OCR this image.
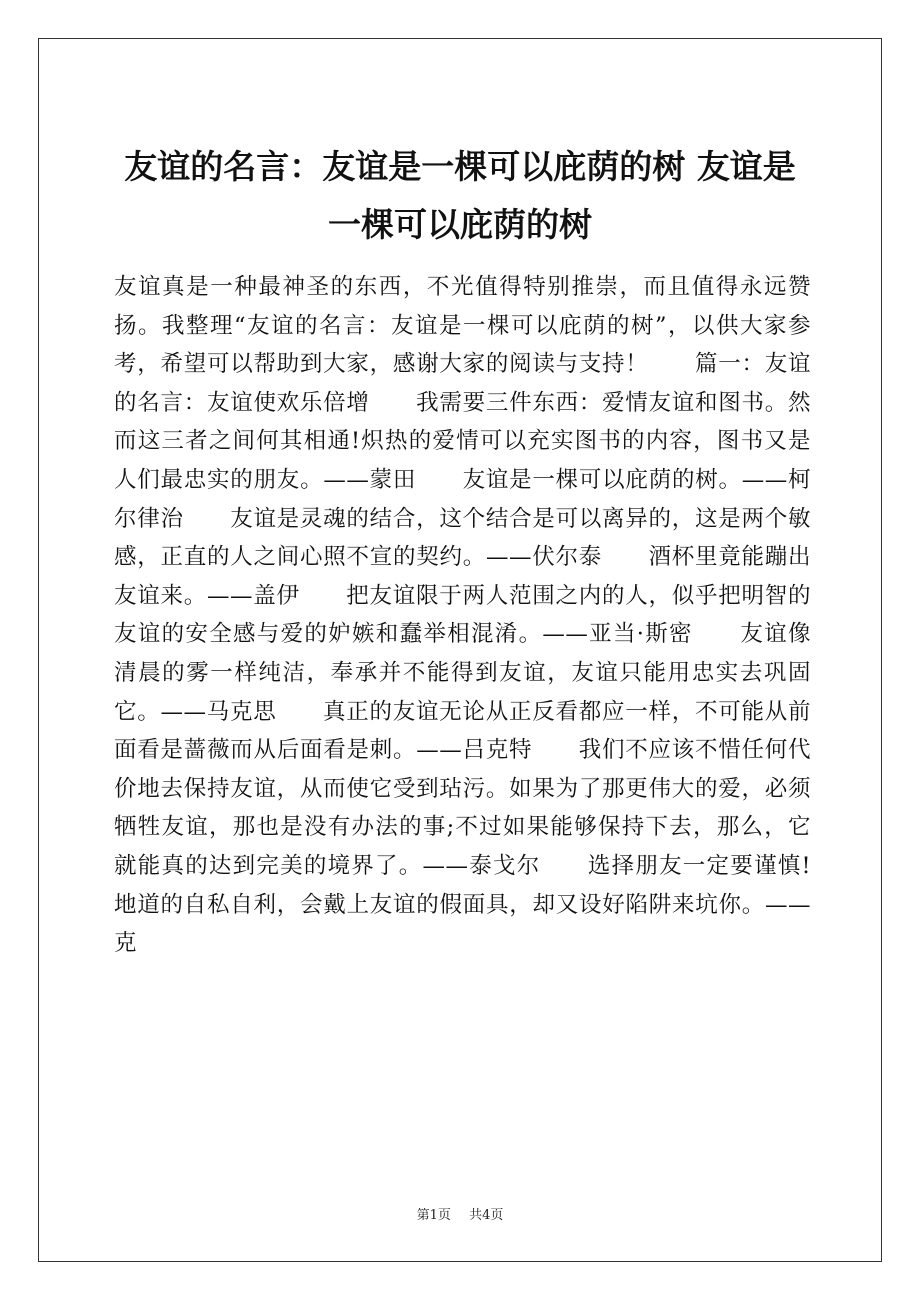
友谊的名言：友谊是一棵可以庇荫的树 友谊是一棵可以庇荫的树

友谊真是一种最神圣的东西，不光值得特别推崇，而且值得永远赞扬。我整理“友谊的名言：友谊是一棵可以庇荫的树”，以供大家参考，希望可以帮助到大家，感谢大家的阅读与支持！　　篇一：友谊的名言：友谊使欢乐倍增　　我需要三件东西：爱情友谊和图书。然而这三者之间何其相通!炽热的爱情可以充实图书的内容，图书又是人们最忠实的朋友。——蒙田　　友谊是一棵可以庇荫的树。——柯尔律治　　友谊是灵魂的结合，这个结合是可以离异的，这是两个敏感，正直的人之间心照不宣的契约。——伏尔泰　　酒杯里竟能蹦出友谊来。——盖伊　　把友谊限于两人范围之内的人，似乎把明智的友谊的安全感与爱的妒嫉和蠢举相混淆。——亚当·斯密　　友谊像清晨的雾一样纯洁，奉承并不能得到友谊，友谊只能用忠实去巩固它。——马克思　　真正的友谊无论从正反看都应一样，不可能从前面看是蔷薇而从后面看是刺。——吕克特　　我们不应该不惜任何代价地去保持友谊，从而使它受到玷污。如果为了那更伟大的爱，必须牺牲友谊，那也是没有办法的事;不过如果能够保持下去，那么，它就能真的达到完美的境界了。——泰戈尔　　选择朋友一定要谨慎!地道的自私自利，会戴上友谊的假面具，却又设好陷阱来坑你。——克

第1页 共4页
